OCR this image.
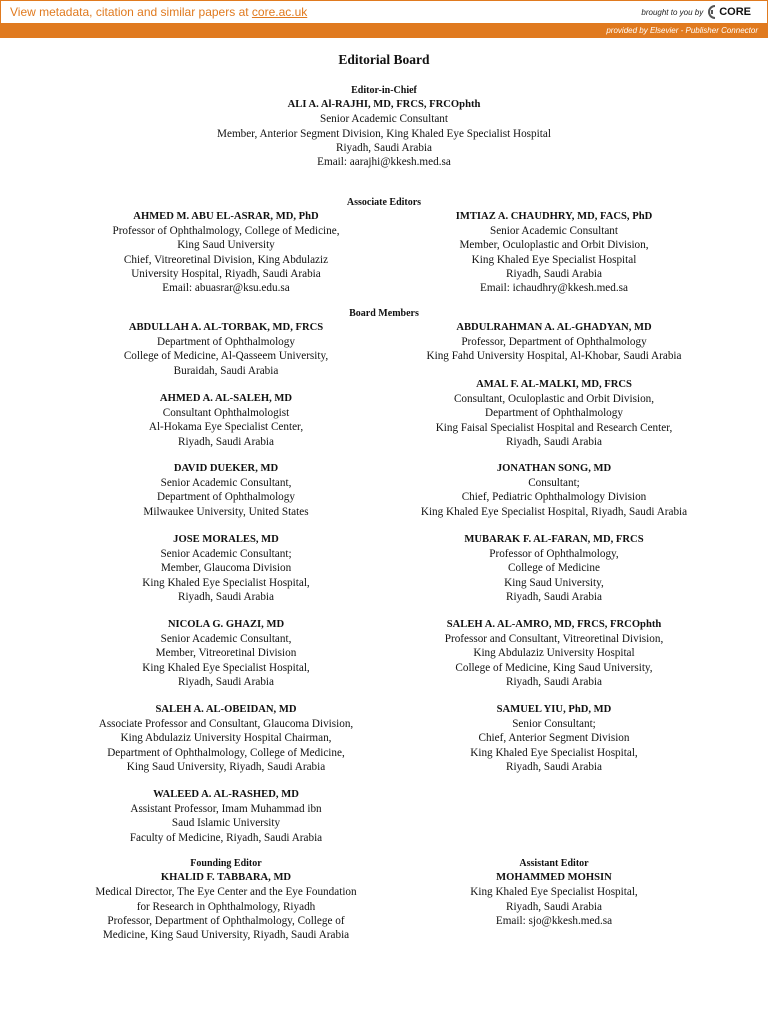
View metadata, citation and similar papers at core.ac.uk	brought to you by CORE
provided by Elsevier - Publisher Connector
Editorial Board
Editor-in-Chief
ALI A. Al-RAJHI, MD, FRCS, FRCOphth
Senior Academic Consultant
Member, Anterior Segment Division, King Khaled Eye Specialist Hospital
Riyadh, Saudi Arabia
Email: aarajhi@kkesh.med.sa
Associate Editors
AHMED M. ABU EL-ASRAR, MD, PhD
Professor of Ophthalmology, College of Medicine,
King Saud University
Chief, Vitreoretinal Division, King Abdulaziz
University Hospital, Riyadh, Saudi Arabia
Email: abuasrar@ksu.edu.sa
IMTIAZ A. CHAUDHRY, MD, FACS, PhD
Senior Academic Consultant
Member, Oculoplastic and Orbit Division,
King Khaled Eye Specialist Hospital
Riyadh, Saudi Arabia
Email: ichaudhry@kkesh.med.sa
Board Members
ABDULLAH A. AL-TORBAK, MD, FRCS
Department of Ophthalmology
College of Medicine, Al-Qasseem University,
Buraidah, Saudi Arabia
AHMED A. AL-SALEH, MD
Consultant Ophthalmologist
Al-Hokama Eye Specialist Center,
Riyadh, Saudi Arabia
DAVID DUEKER, MD
Senior Academic Consultant,
Department of Ophthalmology
Milwaukee University, United States
JOSE MORALES, MD
Senior Academic Consultant;
Member, Glaucoma Division
King Khaled Eye Specialist Hospital,
Riyadh, Saudi Arabia
NICOLA G. GHAZI, MD
Senior Academic Consultant,
Member, Vitreoretinal Division
King Khaled Eye Specialist Hospital,
Riyadh, Saudi Arabia
SALEH A. AL-OBEIDAN, MD
Associate Professor and Consultant, Glaucoma Division,
King Abdulaziz University Hospital Chairman,
Department of Ophthalmology, College of Medicine,
King Saud University, Riyadh, Saudi Arabia
WALEED A. AL-RASHED, MD
Assistant Professor, Imam Muhammad ibn
Saud Islamic University
Faculty of Medicine, Riyadh, Saudi Arabia
ABDULRAHMAN A. AL-GHADYAN, MD
Professor, Department of Ophthalmology
King Fahd University Hospital, Al-Khobar, Saudi Arabia
AMAL F. AL-MALKI, MD, FRCS
Consultant, Oculoplastic and Orbit Division,
Department of Ophthalmology
King Faisal Specialist Hospital and Research Center,
Riyadh, Saudi Arabia
JONATHAN SONG, MD
Consultant;
Chief, Pediatric Ophthalmology Division
King Khaled Eye Specialist Hospital, Riyadh, Saudi Arabia
MUBARAK F. AL-FARAN, MD, FRCS
Professor of Ophthalmology,
College of Medicine
King Saud University,
Riyadh, Saudi Arabia
SALEH A. AL-AMRO, MD, FRCS, FRCOphth
Professor and Consultant, Vitreoretinal Division,
King Abdulaziz University Hospital
College of Medicine, King Saud University,
Riyadh, Saudi Arabia
SAMUEL YIU, PhD, MD
Senior Consultant;
Chief, Anterior Segment Division
King Khaled Eye Specialist Hospital,
Riyadh, Saudi Arabia
Founding Editor
KHALID F. TABBARA, MD
Medical Director, The Eye Center and the Eye Foundation
for Research in Ophthalmology, Riyadh
Professor, Department of Ophthalmology, College of
Medicine, King Saud University, Riyadh, Saudi Arabia
Assistant Editor
MOHAMMED MOHSIN
King Khaled Eye Specialist Hospital,
Riyadh, Saudi Arabia
Email: sjo@kkesh.med.sa
